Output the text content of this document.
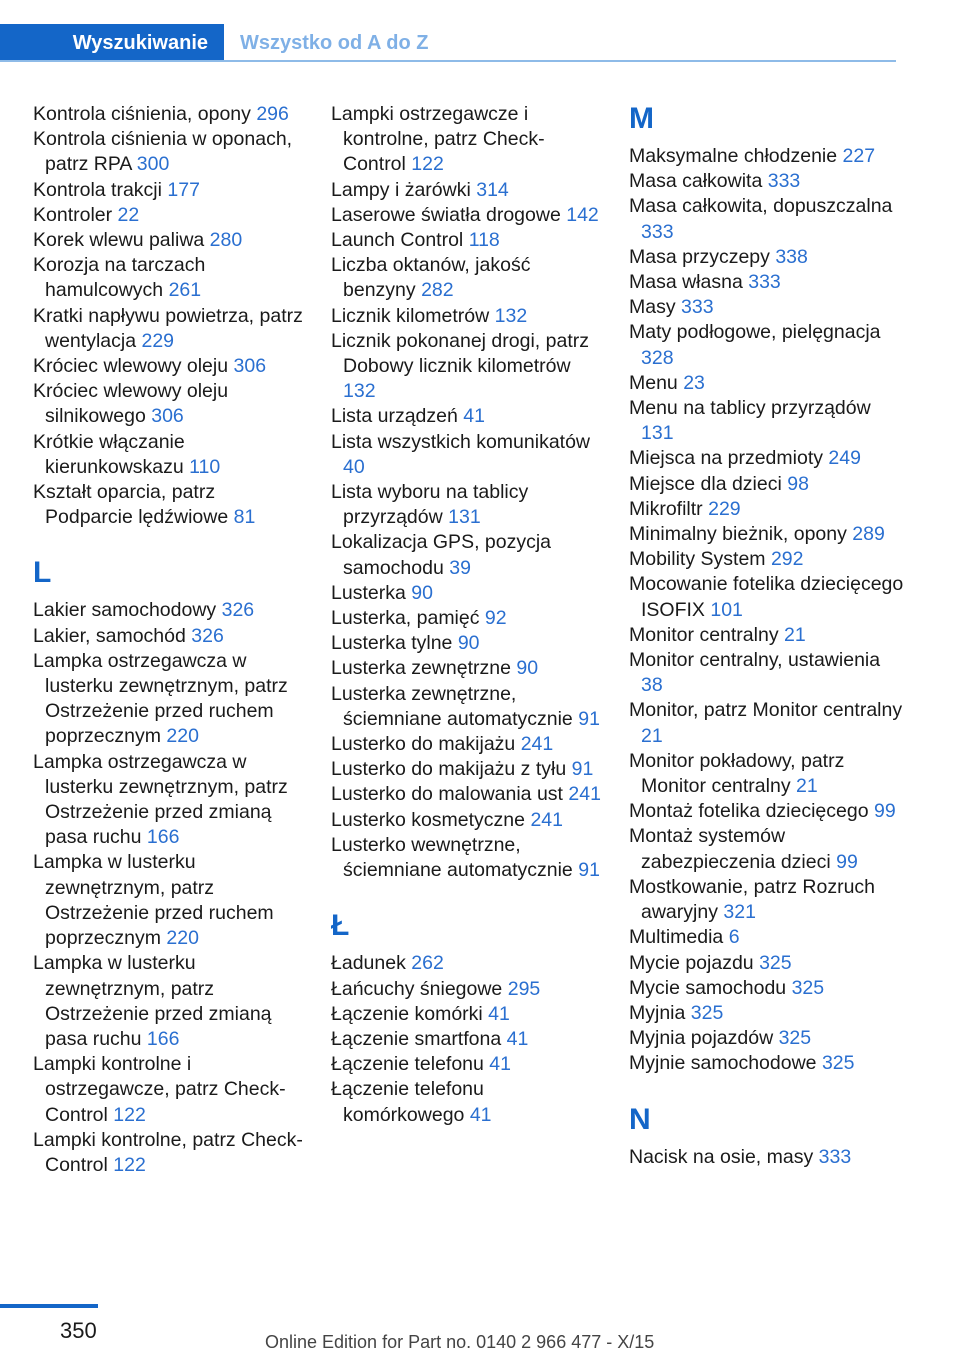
Wyszukiwanie	Wszystko od A do Z
Kontrola ciśnienia, opony 296
Kontrola ciśnienia w oponach, patrz RPA 300
Kontrola trakcji 177
Kontroler 22
Korek wlewu paliwa 280
Korozja na tarczach hamulcowych 261
Kratki napływu powietrza, patrz wentylacja 229
Króciec wlewowy oleju 306
Króciec wlewowy oleju silnikowego 306
Krótkie włączanie kierunkowskazu 110
Kształt oparcia, patrz Podparcie lędźwiowe 81
L
Lakier samochodowy 326
Lakier, samochód 326
Lampka ostrzegawcza w lusterku zewnętrznym, patrz Ostrzeżenie przed ruchem poprzecznym 220
Lampka ostrzegawcza w lusterku zewnętrznym, patrz Ostrzeżenie przed zmianą pasa ruchu 166
Lampka w lusterku zewnętrznym, patrz Ostrzeżenie przed ruchem poprzecznym 220
Lampka w lusterku zewnętrznym, patrz Ostrzeżenie przed zmianą pasa ruchu 166
Lampki kontrolne i ostrzegawcze, patrz Check-Control 122
Lampki kontrolne, patrz Check-Control 122
Lampki ostrzegawcze i kontrolne, patrz Check-Control 122
Lampy i żarówki 314
Laserowe światła drogowe 142
Launch Control 118
Liczba oktanów, jakość benzyny 282
Licznik kilometrów 132
Licznik pokonanej drogi, patrz Dobowy licznik kilometrów 132
Lista urządzeń 41
Lista wszystkich komunikatów 40
Lista wyboru na tablicy przyrządów 131
Lokalizacja GPS, pozycja samochodu 39
Lusterka 90
Lusterka, pamięć 92
Lusterka tylne 90
Lusterka zewnętrzne 90
Lusterka zewnętrzne, ściemniane automatycznie 91
Lusterko do makijażu 241
Lusterko do makijażu z tyłu 91
Lusterko do malowania ust 241
Lusterko kosmetyczne 241
Lusterko wewnętrzne, ściemniane automatycznie 91
Ł
Ładunek 262
Łańcuchy śniegowe 295
Łączenie komórki 41
Łączenie smartfona 41
Łączenie telefonu 41
Łączenie telefonu komórkowego 41
M
Maksymalne chłodzenie 227
Masa całkowita 333
Masa całkowita, dopuszczalna 333
Masa przyczepy 338
Masa własna 333
Masy 333
Maty podłogowe, pielęgnacja 328
Menu 23
Menu na tablicy przyrządów 131
Miejsca na przedmioty 249
Miejsce dla dzieci 98
Mikrofiltr 229
Minimalny bieżnik, opony 289
Mobility System 292
Mocowanie fotelika dziecięcego ISOFIX 101
Monitor centralny 21
Monitor centralny, ustawienia 38
Monitor, patrz Monitor centralny 21
Monitor pokładowy, patrz Monitor centralny 21
Montaż fotelika dziecięcego 99
Montaż systemów zabezpieczenia dzieci 99
Mostkowanie, patrz Rozruch awaryjny 321
Multimedia 6
Mycie pojazdu 325
Mycie samochodu 325
Myjnia 325
Myjnia pojazdów 325
Myjnie samochodowe 325
N
Nacisk na osie, masy 333
350	Online Edition for Part no. 0140 2 966 477 - X/15
